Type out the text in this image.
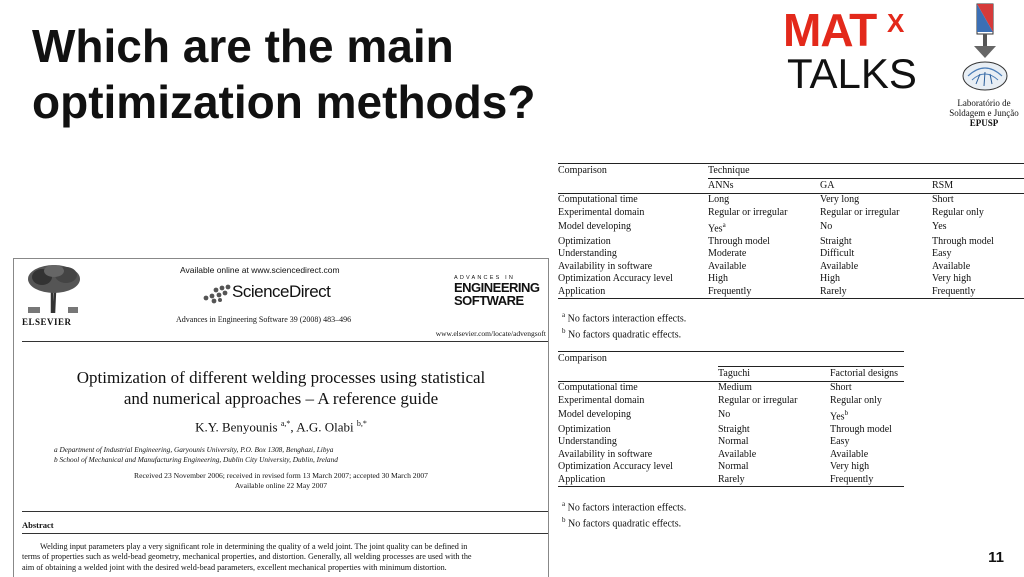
Which are the main
optimization methods?
MAT X
TALKS
Laboratório de
Soldagem e Junção
EPUSP
ELSEVIER
Available online at www.sciencedirect.com
ScienceDirect
Advances in Engineering Software 39 (2008) 483–496
ADVANCES IN
ENGINEERING
SOFTWARE
www.elsevier.com/locate/advengsoft
Optimization of different welding processes using statistical
and numerical approaches – A reference guide
K.Y. Benyounis $^{a,*}$, A.G. Olabi $^{b,*}$
a Department of Industrial Engineering, Garyounis University, P.O. Box 1308, Benghazi, Libya
b School of Mechanical and Manufacturing Engineering, Dublin City University, Dublin, Ireland
Received 23 November 2006; received in revised form 13 March 2007; accepted 30 March 2007
Available online 22 May 2007
Abstract
Welding input parameters play a very significant role in determining the quality of a weld joint. The joint quality can be defined in
terms of properties such as weld-bead geometry, mechanical properties, and distortion. Generally, all welding processes are used with the
aim of obtaining a welded joint with the desired weld-bead parameters, excellent mechanical properties with minimum distortion.
Comparison	Technique		
	ANNs	GA	RSM
Computational time	Long	Very long	Short
Experimental domain	Regular or irregular	Regular or irregular	Regular only
Model developing	Yes$^a$	No	Yes
Optimization	Through model	Straight	Through model
Understanding	Moderate	Difficult	Easy
Availability in software	Available	Available	Available
Optimization Accuracy level	High	High	Very high
Application	Frequently	Rarely	Frequently
$^a$ No factors interaction effects.
$^b$ No factors quadratic effects.
Comparison		
	Taguchi	Factorial designs
Computational time	Medium	Short
Experimental domain	Regular or irregular	Regular only
Model developing	No	Yes$^b$
Optimization	Straight	Through model
Understanding	Normal	Easy
Availability in software	Available	Available
Optimization Accuracy level	Normal	Very high
Application	Rarely	Frequently
$^a$ No factors interaction effects.
$^b$ No factors quadratic effects.
11
